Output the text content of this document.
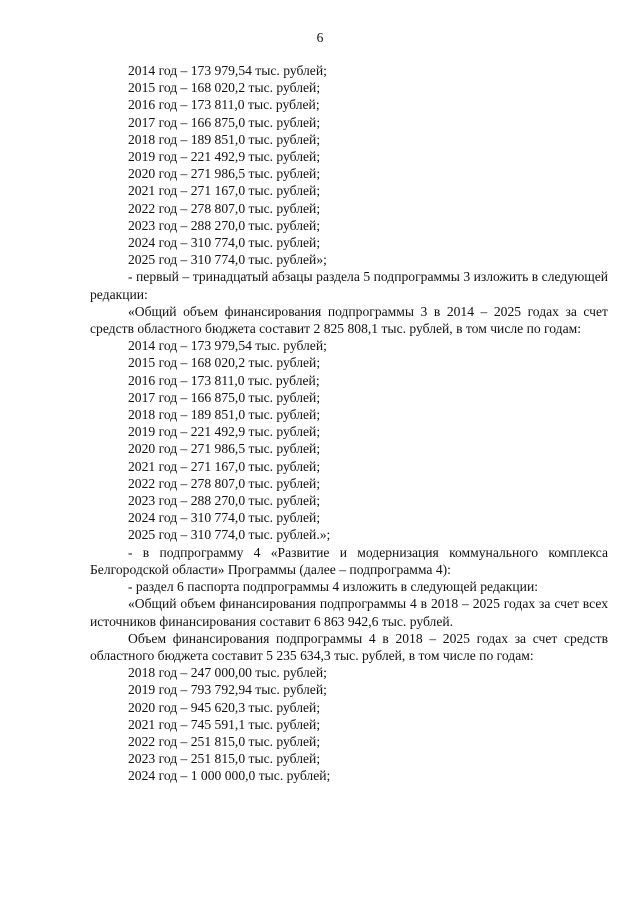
6

2014 год – 173 979,54 тыс. рублей;

2015 год – 168 020,2 тыс. рублей;

2016 год – 173 811,0 тыс. рублей;

2017 год – 166 875,0 тыс. рублей;

2018 год – 189 851,0 тыс. рублей;

2019 год – 221 492,9 тыс. рублей;

2020 год – 271 986,5 тыс. рублей;

2021 год – 271 167,0 тыс. рублей;

2022 год – 278 807,0 тыс. рублей;

2023 год – 288 270,0 тыс. рублей;

2024 год – 310 774,0 тыс. рублей;

2025 год – 310 774,0 тыс. рублей»;

- первый – тринадцатый абзацы раздела 5 подпрограммы 3 изложить в следующей редакции:

«Общий объем финансирования подпрограммы 3 в 2014 – 2025 годах за счет средств областного бюджета составит 2 825 808,1 тыс. рублей, в том числе по годам:

2014 год – 173 979,54 тыс. рублей;

2015 год – 168 020,2 тыс. рублей;

2016 год – 173 811,0 тыс. рублей;

2017 год – 166 875,0 тыс. рублей;

2018 год – 189 851,0 тыс. рублей;

2019 год – 221 492,9 тыс. рублей;

2020 год – 271 986,5 тыс. рублей;

2021 год – 271 167,0 тыс. рублей;

2022 год – 278 807,0 тыс. рублей;

2023 год – 288 270,0 тыс. рублей;

2024 год – 310 774,0 тыс. рублей;

2025 год – 310 774,0 тыс. рублей.»;

- в подпрограмму 4 «Развитие и модернизация коммунального комплекса Белгородской области» Программы (далее – подпрограмма 4):

- раздел 6 паспорта подпрограммы 4 изложить в следующей редакции:

«Общий объем финансирования подпрограммы 4 в 2018 – 2025 годах за счет всех источников финансирования составит 6 863 942,6 тыс. рублей.

Объем финансирования подпрограммы 4 в 2018 – 2025 годах за счет средств областного бюджета составит 5 235 634,3 тыс. рублей, в том числе по годам:

2018 год – 247 000,00 тыс. рублей;

2019 год – 793 792,94 тыс. рублей;

2020 год – 945 620,3 тыс. рублей;

2021 год – 745 591,1 тыс. рублей;

2022 год – 251 815,0 тыс. рублей;

2023 год – 251 815,0 тыс. рублей;

2024 год – 1 000 000,0 тыс. рублей;
